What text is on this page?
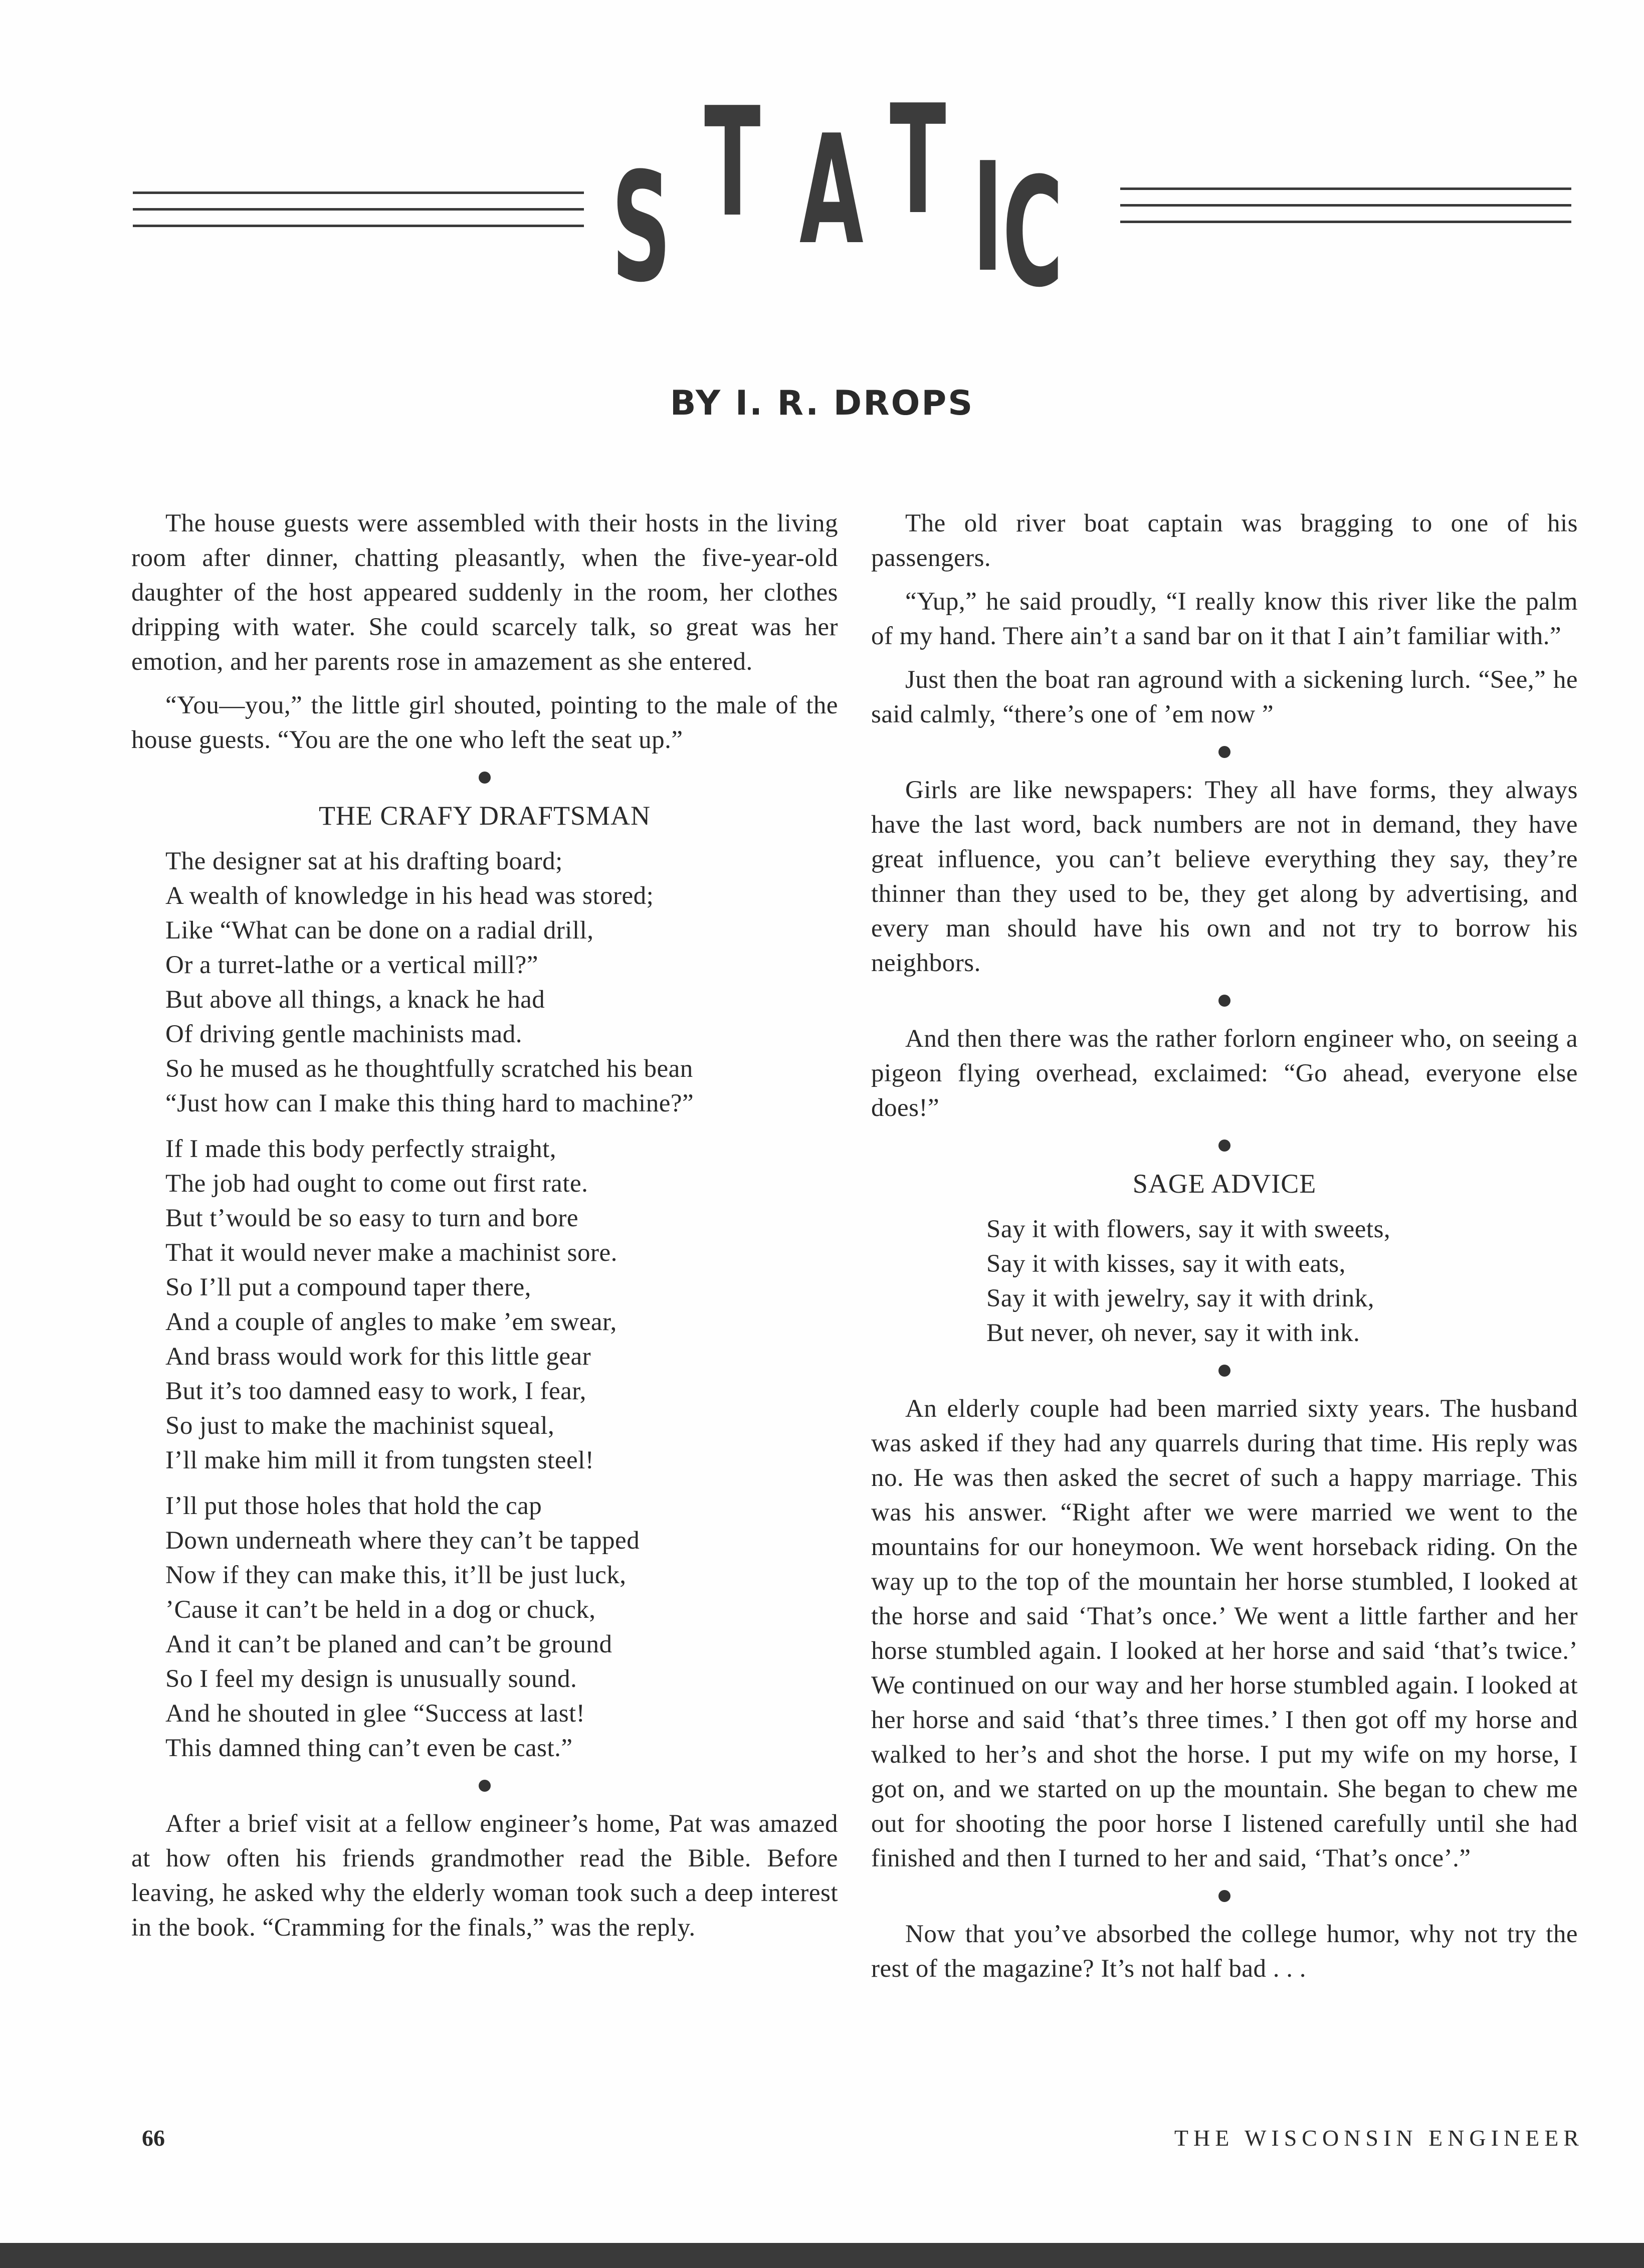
S T A T I
C
BY I. R. DROPS

The house guests were assembled with their hosts in the living room after dinner, chatting pleasantly, when the five-year-old daughter of the host appeared suddenly in the room, her clothes dripping with water. She could scarcely talk, so great was her emotion, and her parents rose in amazement as she entered.

“You—you,” the little girl shouted, pointing to the male of the house guests. “You are the one who left the seat up.”

THE CRAFY DRAFTSMAN
The designer sat at his drafting board;
A wealth of knowledge in his head was stored;
Like “What can be done on a radial drill,
Or a turret-lathe or a vertical mill?”
But above all things, a knack he had
Of driving gentle machinists mad.
So he mused as he thoughtfully scratched his bean
“Just how can I make this thing hard to machine?”
If I made this body perfectly straight,
The job had ought to come out first rate.
But t’would be so easy to turn and bore
That it would never make a machinist sore.
So I’ll put a compound taper there,
And a couple of angles to make ’em swear,
And brass would work for this little gear
But it’s too damned easy to work, I fear,
So just to make the machinist squeal,
I’ll make him mill it from tungsten steel!
I’ll put those holes that hold the cap
Down underneath where they can’t be tapped
Now if they can make this, it’ll be just luck,
’Cause it can’t be held in a dog or chuck,
And it can’t be planed and can’t be ground
So I feel my design is unusually sound.
And he shouted in glee “Success at last!
This damned thing can’t even be cast.”

After a brief visit at a fellow engineer’s home, Pat was amazed at how often his friends grandmother read the Bible. Before leaving, he asked why the elderly woman took such a deep interest in the book. “Cramming for the finals,” was the reply.

The old river boat captain was bragging to one of his passengers.

“Yup,” he said proudly, “I really know this river like the palm of my hand. There ain’t a sand bar on it that I ain’t familiar with.”

Just then the boat ran aground with a sickening lurch. “See,” he said calmly, “there’s one of ’em now ”

Girls are like newspapers: They all have forms, they always have the last word, back numbers are not in demand, they have great influence, you can’t believe everything they say, they’re thinner than they used to be, they get along by advertising, and every man should have his own and not try to borrow his neighbors.

And then there was the rather forlorn engineer who, on seeing a pigeon flying overhead, exclaimed: “Go ahead, everyone else does!”

SAGE ADVICE
Say it with flowers, say it with sweets,
Say it with kisses, say it with eats,
Say it with jewelry, say it with drink,
But never, oh never, say it with ink.

An elderly couple had been married sixty years. The husband was asked if they had any quarrels during that time. His reply was no. He was then asked the secret of such a happy marriage. This was his answer. “Right after we were married we went to the mountains for our honeymoon. We went horseback riding. On the way up to the top of the mountain her horse stumbled, I looked at the horse and said ‘That’s once.’ We went a little farther and her horse stumbled again. I looked at her horse and said ‘that’s twice.’ We continued on our way and her horse stumbled again. I looked at her horse and said ‘that’s three times.’ I then got off my horse and walked to her’s and shot the horse. I put my wife on my horse, I got on, and we started on up the mountain. She began to chew me out for shooting the poor horse I listened carefully until she had finished and then I turned to her and said, ‘That’s once’.”

Now that you’ve absorbed the college humor, why not try the rest of the magazine? It’s not half bad . . .

66	THE WISCONSIN ENGINEER
